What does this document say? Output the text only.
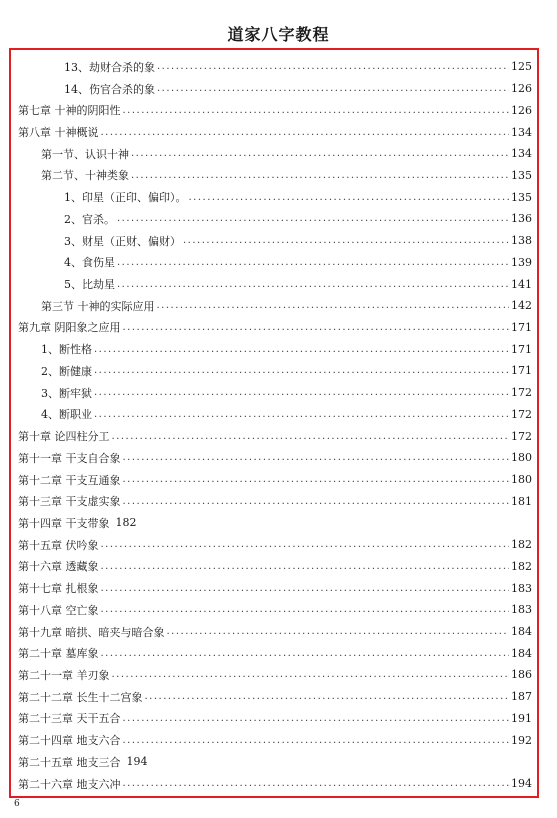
道家八字教程
13、劫财合杀的象 .....	125
14、伤官合杀的象 .....	126
第七章 十神的阴阳性 .....	126
第八章 十神概说 .....	134
第一节、认识十神 .....	134
第二节、十神类象 .....	135
1、印星（正印、偏印）。 .....	135
2、官杀。 .....	136
3、财星（正财、偏财） .....	138
4、食伤星 .....	139
5、比劫星 .....	141
第三节 十神的实际应用 .....	142
第九章 阴阳象之应用 .....	171
1、断性格 .....	171
2、断健康 .....	171
3、断牢狱 .....	172
4、断职业 .....	172
第十章 论四柱分工 .....	172
第十一章 干支自合象 .....	180
第十二章 干支互通象 .....	180
第十三章 干支虚实象 .....	181
第十四章 干支带象 182
第十五章 伏吟象 .....	182
第十六章 透藏象 .....	182
第十七章 扎根象 .....	183
第十八章 空亡象 .....	183
第十九章 暗拱、暗夹与暗合象 .....	184
第二十章 墓库象 .....	184
第二十一章 羊刃象 .....	186
第二十二章 长生十二宫象 .....	187
第二十三章 天干五合 .....	191
第二十四章 地支六合 .....	192
第二十五章 地支三合 194
第二十六章 地支六冲 .....	194
6
